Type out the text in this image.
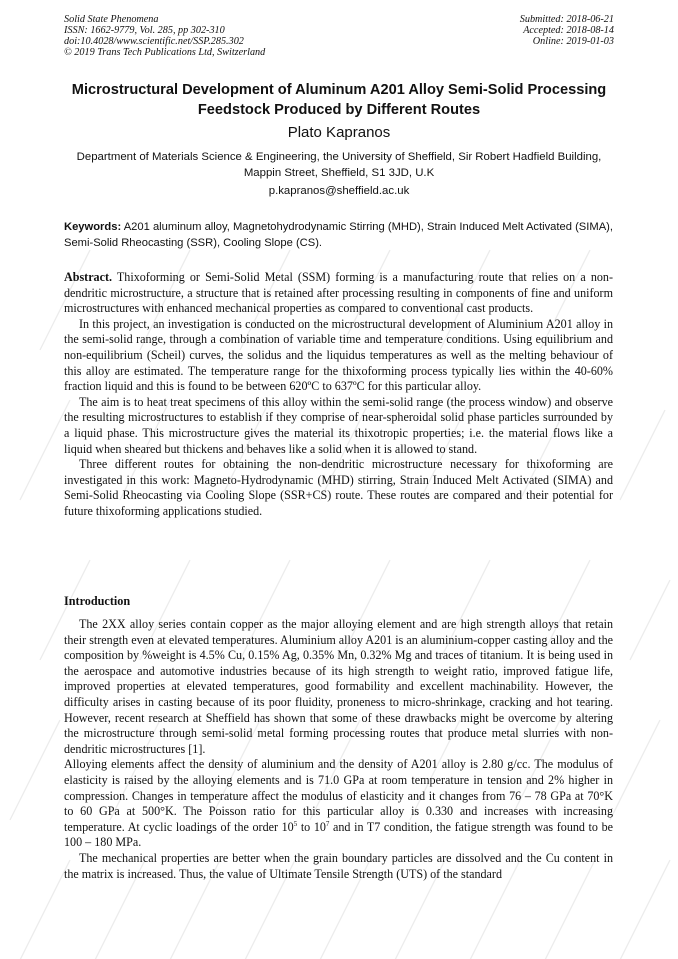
Solid State Phenomena
ISSN: 1662-9779, Vol. 285, pp 302-310
doi:10.4028/www.scientific.net/SSP.285.302
© 2019 Trans Tech Publications Ltd, Switzerland
Submitted: 2018-06-21
Accepted: 2018-08-14
Online: 2019-01-03
Microstructural Development of Aluminum A201 Alloy Semi-Solid Processing Feedstock Produced by Different Routes
Plato Kapranos
Department of Materials Science & Engineering, the University of Sheffield, Sir Robert Hadfield Building, Mappin Street, Sheffield, S1 3JD, U.K
p.kapranos@sheffield.ac.uk
Keywords: A201 aluminum alloy, Magnetohydrodynamic Stirring (MHD), Strain Induced Melt Activated (SIMA), Semi-Solid Rheocasting (SSR), Cooling Slope (CS).

Abstract. Thixoforming or Semi-Solid Metal (SSM) forming is a manufacturing route that relies on a non-dendritic microstructure, a structure that is retained after processing resulting in components of fine and uniform microstructures with enhanced mechanical properties as compared to conventional cast products.

In this project, an investigation is conducted on the microstructural development of Aluminium A201 alloy in the semi-solid range, through a combination of variable time and temperature conditions. Using equilibrium and non-equilibrium (Scheil) curves, the solidus and the liquidus temperatures as well as the melting behaviour of this alloy are estimated. The temperature range for the thixoforming process typically lies within the 40-60% fraction liquid and this is found to be between 620ºC to 637ºC for this particular alloy.

The aim is to heat treat specimens of this alloy within the semi-solid range (the process window) and observe the resulting microstructures to establish if they comprise of near-spheroidal solid phase particles surrounded by a liquid phase. This microstructure gives the material its thixotropic properties; i.e. the material flows like a liquid when sheared but thickens and behaves like a solid when it is allowed to stand.

Three different routes for obtaining the non-dendritic microstructure necessary for thixoforming are investigated in this work: Magneto-Hydrodynamic (MHD) stirring, Strain Induced Melt Activated (SIMA) and Semi-Solid Rheocasting via Cooling Slope (SSR+CS) route. These routes are compared and their potential for future thixoforming applications studied.

Introduction

The 2XX alloy series contain copper as the major alloying element and are high strength alloys that retain their strength even at elevated temperatures. Aluminium alloy A201 is an aluminium-copper casting alloy and the composition by %weight is 4.5% Cu, 0.15% Ag, 0.35% Mn, 0.32% Mg and traces of titanium. It is being used in the aerospace and automotive industries because of its high strength to weight ratio, improved fatigue life, improved properties at elevated temperatures, good formability and excellent machinability. However, the difficulty arises in casting because of its poor fluidity, proneness to micro-shrinkage, cracking and hot tearing. However, recent research at Sheffield has shown that some of these drawbacks might be overcome by altering the microstructure through semi-solid metal forming processing routes that produce metal slurries with non-dendritic microstructures [1].

Alloying elements affect the density of aluminium and the density of A201 alloy is 2.80 g/cc. The modulus of elasticity is raised by the alloying elements and is 71.0 GPa at room temperature in tension and 2% higher in compression. Changes in temperature affect the modulus of elasticity and it changes from 76 – 78 GPa at 70°K to 60 GPa at 500°K. The Poisson ratio for this particular alloy is 0.330 and increases with increasing temperature. At cyclic loadings of the order $10^5$ to $10^7$ and in T7 condition, the fatigue strength was found to be 100 – 180 MPa.

The mechanical properties are better when the grain boundary particles are dissolved and the Cu content in the matrix is increased. Thus, the value of Ultimate Tensile Strength (UTS) of the standard
